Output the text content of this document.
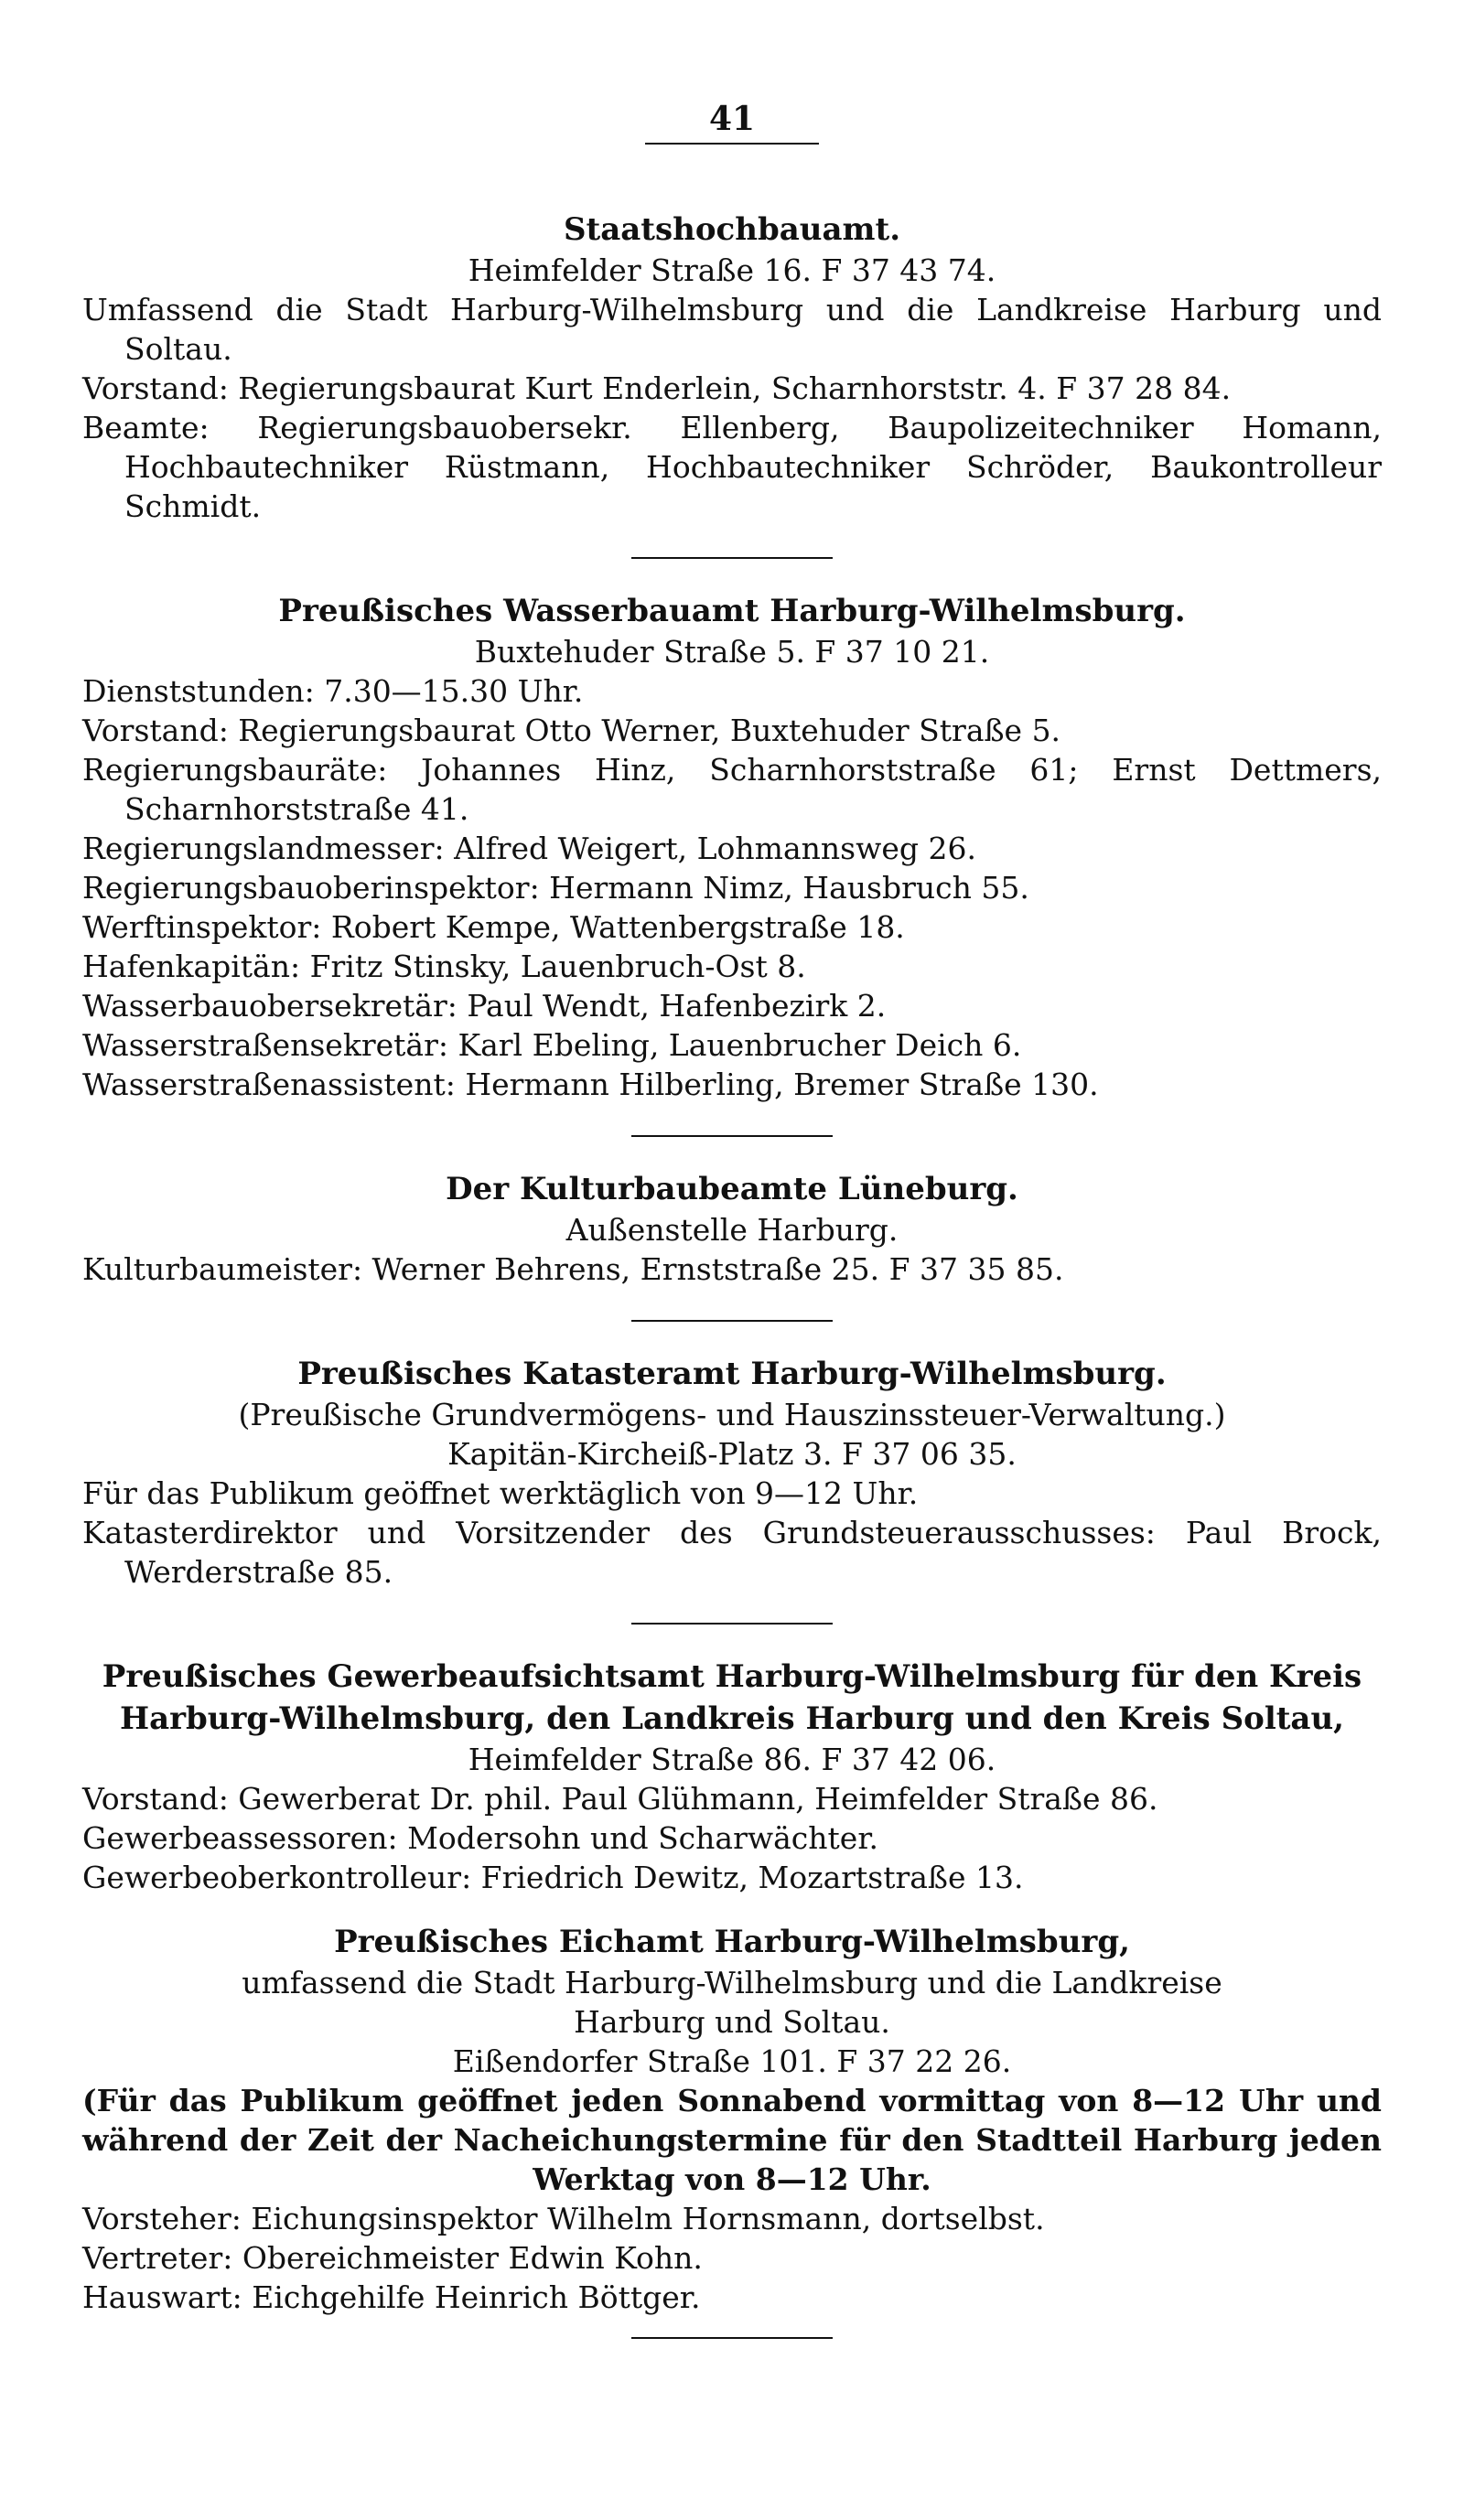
41
Staatshochbauamt.
Heimfelder Straße 16. F 37 43 74.
Umfassend die Stadt Harburg-Wilhelmsburg und die Landkreise Harburg und Soltau.
Vorstand: Regierungsbaurat Kurt Enderlein, Scharnhorststr. 4. F 37 28 84.
Beamte: Regierungsbauobersekr. Ellenberg, Baupolizeitechniker Homann, Hochbautechniker Rüstmann, Hochbautechniker Schröder, Baukontrolleur Schmidt.
Preußisches Wasserbauamt Harburg-Wilhelmsburg.
Buxtehuder Straße 5. F 37 10 21.
Dienststunden: 7.30—15.30 Uhr.
Vorstand: Regierungsbaurat Otto Werner, Buxtehuder Straße 5.
Regierungsbauräte: Johannes Hinz, Scharnhorststraße 61; Ernst Dettmers, Scharnhorststraße 41.
Regierungslandmesser: Alfred Weigert, Lohmannsweg 26.
Regierungsbauoberinspektor: Hermann Nimz, Hausbruch 55.
Werftinspektor: Robert Kempe, Wattenbergstraße 18.
Hafenkapitän: Fritz Stinsky, Lauenbruch-Ost 8.
Wasserbauobersekretär: Paul Wendt, Hafenbezirk 2.
Wasserstraßensekretär: Karl Ebeling, Lauenbrucher Deich 6.
Wasserstraßenassistent: Hermann Hilberling, Bremer Straße 130.
Der Kulturbaubeamte Lüneburg.
Außenstelle Harburg.
Kulturbaumeister: Werner Behrens, Ernststraße 25. F 37 35 85.
Preußisches Katasteramt Harburg-Wilhelmsburg.
(Preußische Grundvermögens- und Hauszinssteuer-Verwaltung.)
Kapitän-Kircheiß-Platz 3. F 37 06 35.
Für das Publikum geöffnet werktäglich von 9—12 Uhr.
Katasterdirektor und Vorsitzender des Grundsteuerausschusses: Paul Brock, Werderstraße 85.
Preußisches Gewerbeaufsichtsamt Harburg-Wilhelmsburg für den Kreis Harburg-Wilhelmsburg, den Landkreis Harburg und den Kreis Soltau,
Heimfelder Straße 86. F 37 42 06.
Vorstand: Gewerberat Dr. phil. Paul Glühmann, Heimfelder Straße 86.
Gewerbeassessoren: Modersohn und Scharwächter.
Gewerbeoberkontrolleur: Friedrich Dewitz, Mozartstraße 13.
Preußisches Eichamt Harburg-Wilhelmsburg,
umfassend die Stadt Harburg-Wilhelmsburg und die Landkreise Harburg und Soltau.
Eißendorfer Straße 101. F 37 22 26.
(Für das Publikum geöffnet jeden Sonnabend vormittag von 8—12 Uhr und während der Zeit der Nacheichungstermine für den Stadtteil Harburg jeden Werktag von 8—12 Uhr.
Vorsteher: Eichungsinspektor Wilhelm Hornsmann, dortselbst.
Vertreter: Obereichmeister Edwin Kohn.
Hauswart: Eichgehilfe Heinrich Böttger.
